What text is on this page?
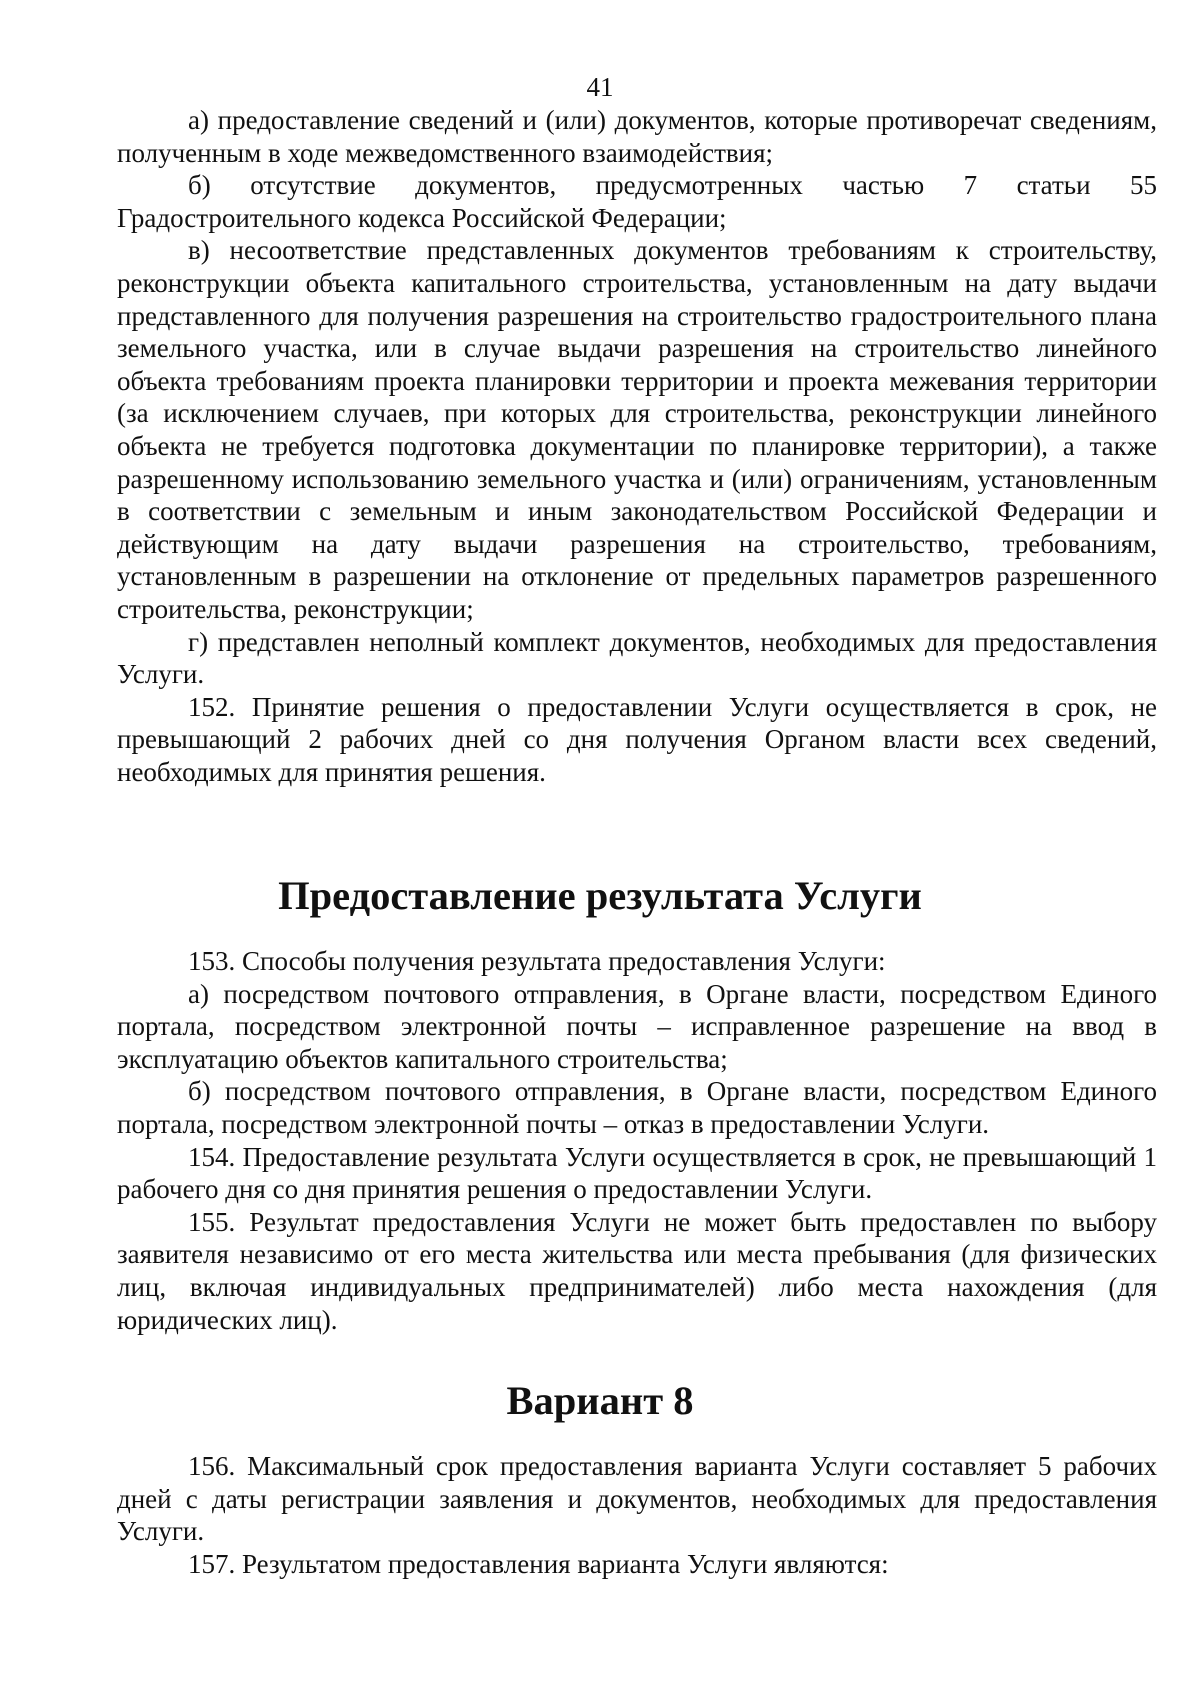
41

а) предоставление сведений и (или) документов, которые противоречат сведениям, полученным в ходе межведомственного взаимодействия;

б) отсутствие документов, предусмотренных частью 7 статьи 55 Градостроительного кодекса Российской Федерации;

в) несоответствие представленных документов требованиям к строительству, реконструкции объекта капитального строительства, установленным на дату выдачи представленного для получения разрешения на строительство градостроительного плана земельного участка, или в случае выдачи разрешения на строительство линейного объекта требованиям проекта планировки территории и проекта межевания территории (за исключением случаев, при которых для строительства, реконструкции линейного объекта не требуется подготовка документации по планировке территории), а также разрешенному использованию земельного участка и (или) ограничениям, установленным в соответствии с земельным и иным законодательством Российской Федерации и действующим на дату выдачи разрешения на строительство, требованиям, установленным в разрешении на отклонение от предельных параметров разрешенного строительства, реконструкции;

г) представлен неполный комплект документов, необходимых для предоставления Услуги.

152. Принятие решения о предоставлении Услуги осуществляется в срок, не превышающий 2 рабочих дней со дня получения Органом власти всех сведений, необходимых для принятия решения.

Предоставление результата Услуги

153. Способы получения результата предоставления Услуги:

а) посредством почтового отправления, в Органе власти, посредством Единого портала, посредством электронной почты – исправленное разрешение на ввод в эксплуатацию объектов капитального строительства;

б) посредством почтового отправления, в Органе власти, посредством Единого портала, посредством электронной почты – отказ в предоставлении Услуги.

154. Предоставление результата Услуги осуществляется в срок, не превышающий 1 рабочего дня со дня принятия решения о предоставлении Услуги.

155. Результат предоставления Услуги не может быть предоставлен по выбору заявителя независимо от его места жительства или места пребывания (для физических лиц, включая индивидуальных предпринимателей) либо места нахождения (для юридических лиц).

Вариант 8

156. Максимальный срок предоставления варианта Услуги составляет 5 рабочих дней с даты регистрации заявления и документов, необходимых для предоставления Услуги.

157. Результатом предоставления варианта Услуги являются:
